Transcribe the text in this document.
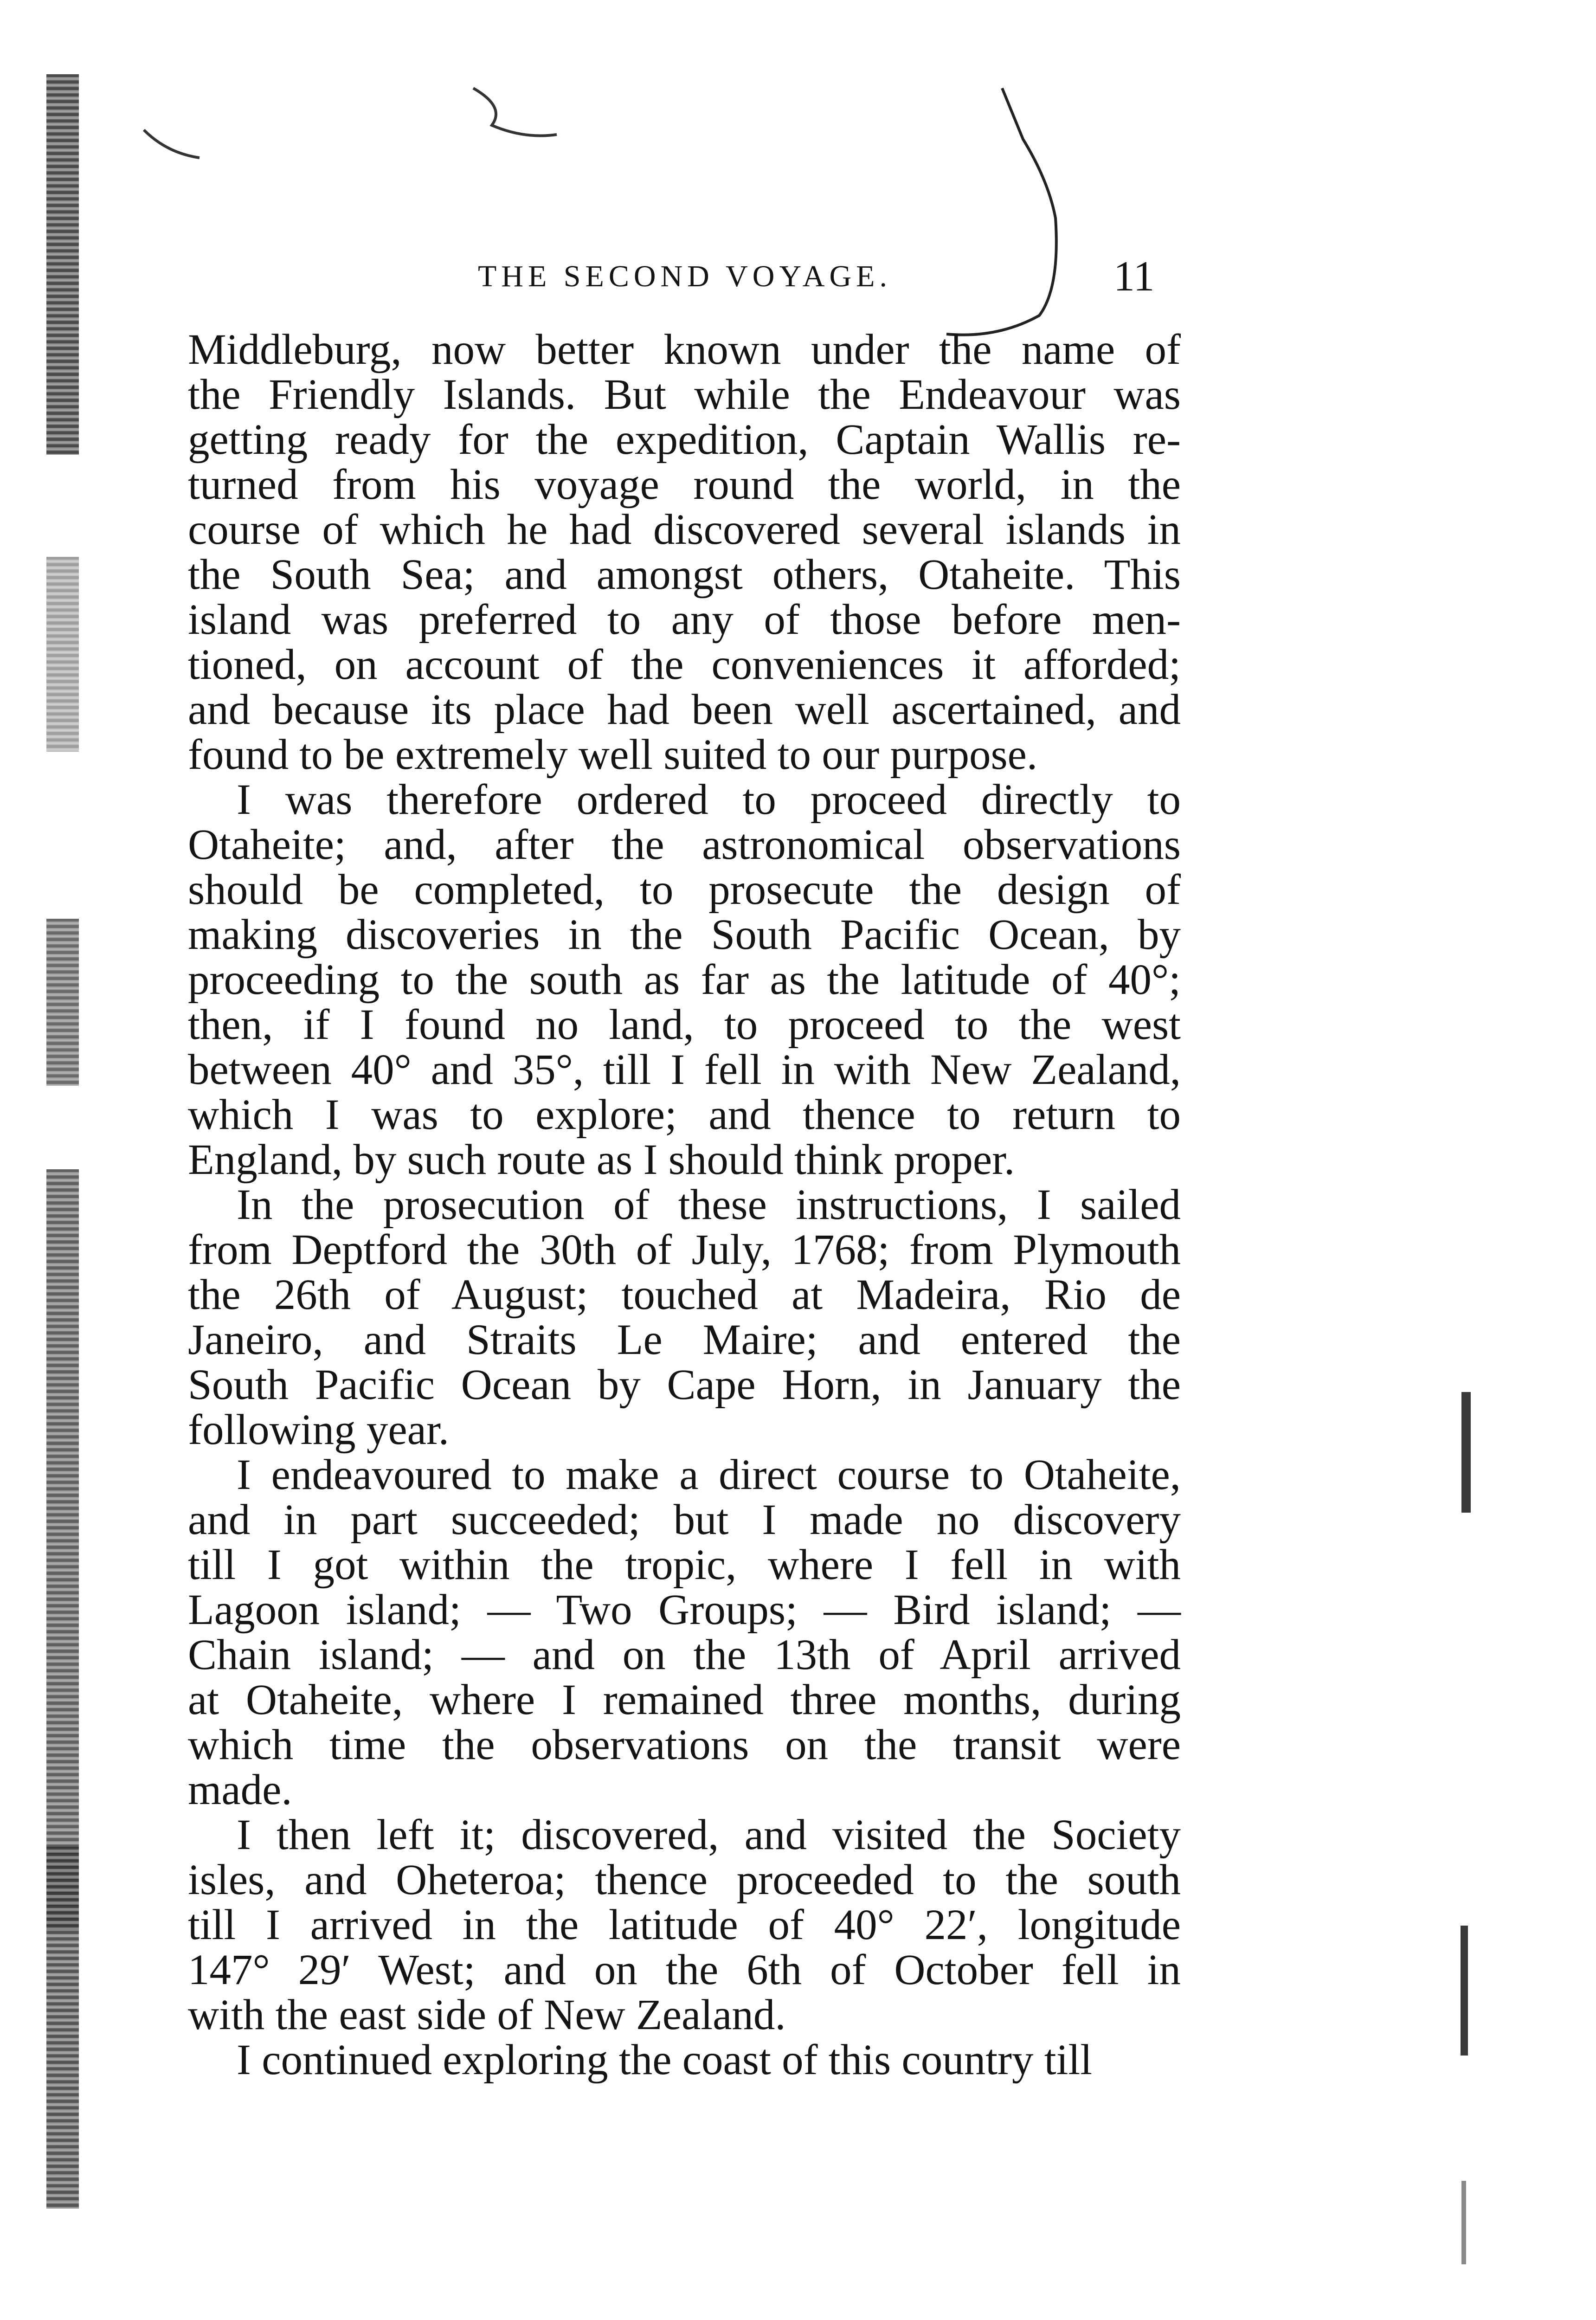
THE SECOND VOYAGE.	11
Middleburg, now better known under the name of
the Friendly Islands. But while the Endeavour was
getting ready for the expedition, Captain Wallis re-
turned from his voyage round the world, in the
course of which he had discovered several islands in
the South Sea; and amongst others, Otaheite. This
island was preferred to any of those before men-
tioned, on account of the conveniences it afforded;
and because its place had been well ascertained, and
found to be extremely well suited to our purpose.
I was therefore ordered to proceed directly to
Otaheite; and, after the astronomical observations
should be completed, to prosecute the design of
making discoveries in the South Pacific Ocean, by
proceeding to the south as far as the latitude of 40°;
then, if I found no land, to proceed to the west
between 40° and 35°, till I fell in with New Zealand,
which I was to explore; and thence to return to
England, by such route as I should think proper.
In the prosecution of these instructions, I sailed
from Deptford the 30th of July, 1768; from Plymouth
the 26th of August; touched at Madeira, Rio de
Janeiro, and Straits Le Maire; and entered the
South Pacific Ocean by Cape Horn, in January the
following year.
I endeavoured to make a direct course to Otaheite,
and in part succeeded; but I made no discovery
till I got within the tropic, where I fell in with
Lagoon island; — Two Groups; — Bird island; —
Chain island; — and on the 13th of April arrived
at Otaheite, where I remained three months, during
which time the observations on the transit were
made.
I then left it; discovered, and visited the Society
isles, and Oheteroa; thence proceeded to the south
till I arrived in the latitude of 40° 22′, longitude
147° 29′ West; and on the 6th of October fell in
with the east side of New Zealand.
I continued exploring the coast of this country till
